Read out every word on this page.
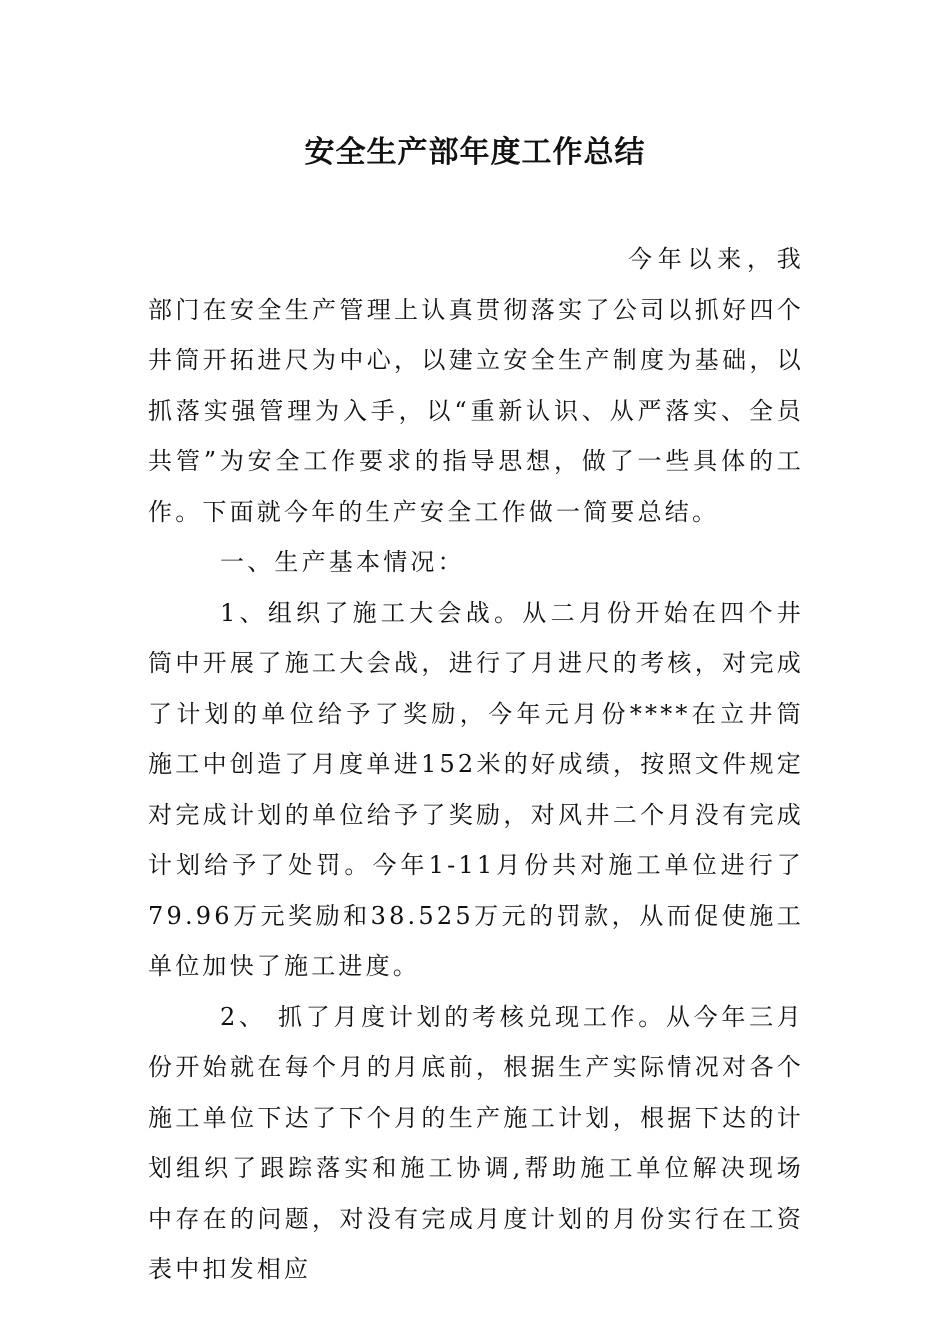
安全生产部年度工作总结

今年以来，我部门在安全生产管理上认真贯彻落实了公司以抓好四个井筒开拓进尺为中心，以建立安全生产制度为基础，以抓落实强管理为入手，以“重新认识、从严落实、全员共管”为安全工作要求的指导思想，做了一些具体的工作。下面就今年的生产安全工作做一简要总结。

一、生产基本情况：

1、组织了施工大会战。从二月份开始在四个井筒中开展了施工大会战，进行了月进尺的考核，对完成了计划的单位给予了奖励，今年元月份****在立井筒施工中创造了月度单进152米的好成绩，按照文件规定对完成计划的单位给予了奖励，对风井二个月没有完成计划给予了处罚。今年1-11月份共对施工单位进行了79.96万元奖励和38.525万元的罚款，从而促使施工单位加快了施工进度。

2、 抓了月度计划的考核兑现工作。从今年三月份开始就在每个月的月底前，根据生产实际情况对各个施工单位下达了下个月的生产施工计划，根据下达的计划组织了跟踪落实和施工协调,帮助施工单位解决现场中存在的问题，对没有完成月度计划的月份实行在工资表中扣发相应
